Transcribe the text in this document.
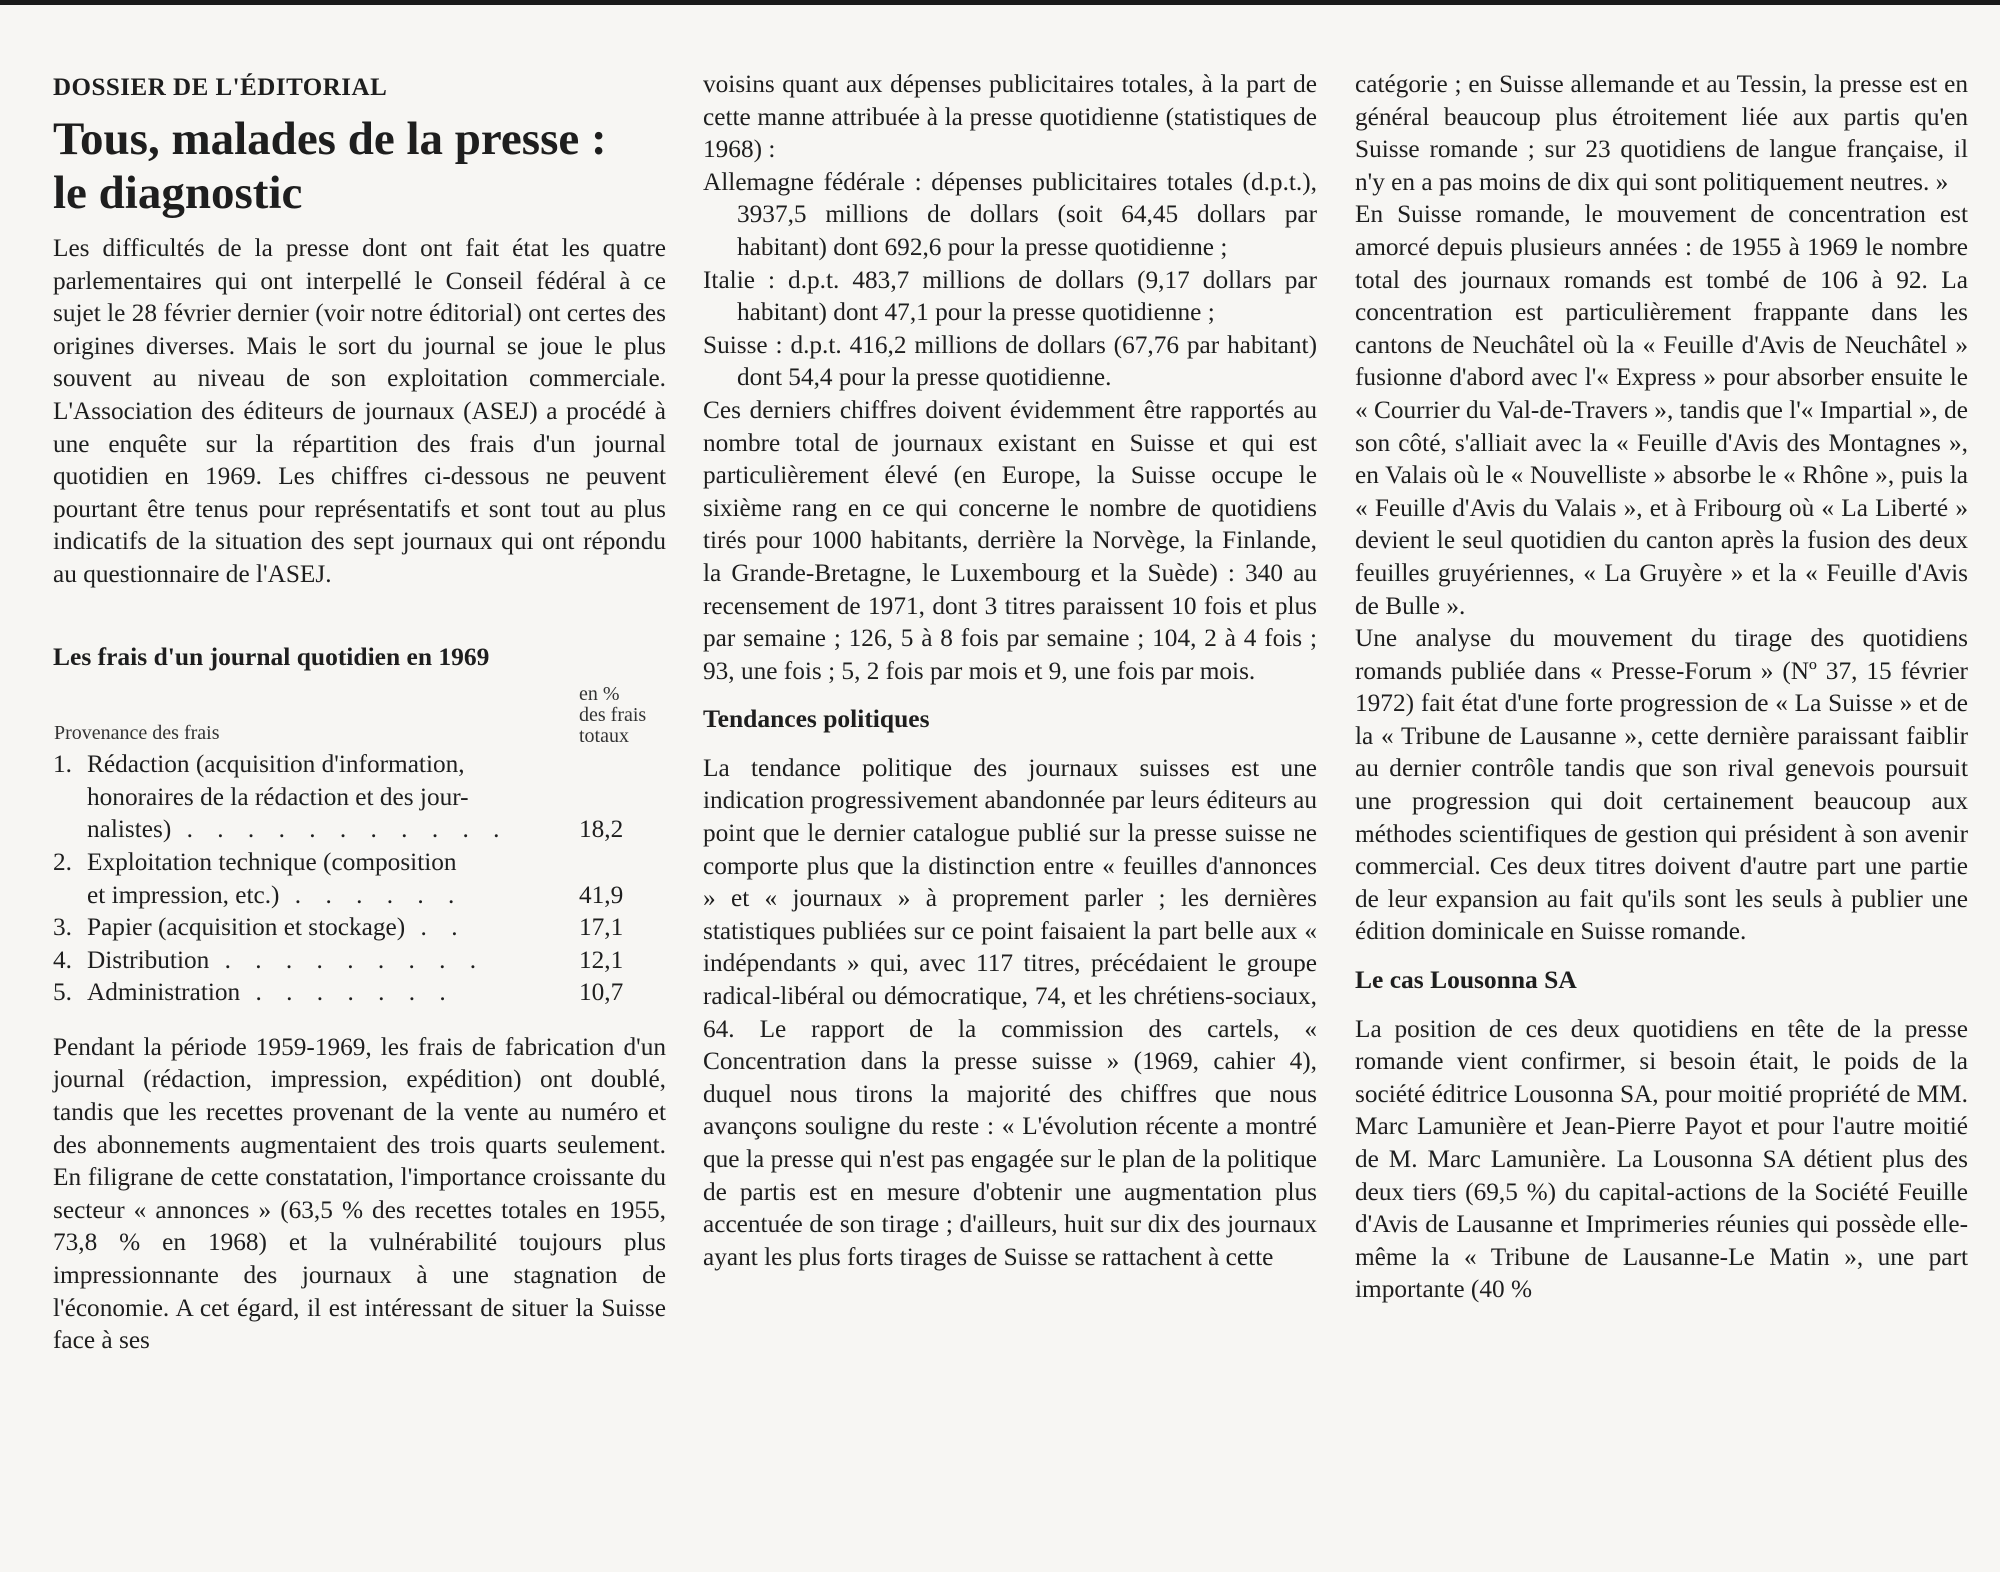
DOSSIER DE L'ÉDITORIAL
Tous, malades de la presse :
le diagnostic

Les difficultés de la presse dont ont fait état les quatre parlementaires qui ont interpellé le Conseil fédéral à ce sujet le 28 février dernier (voir notre éditorial) ont certes des origines diverses. Mais le sort du journal se joue le plus souvent au niveau de son exploitation commerciale. L'Association des éditeurs de journaux (ASEJ) a procédé à une enquête sur la répartition des frais d'un journal quotidien en 1969. Les chiffres ci-dessous ne peuvent pourtant être tenus pour représentatifs et sont tout au plus indicatifs de la situation des sept journaux qui ont répondu au questionnaire de l'ASEJ.

Les frais d'un journal quotidien en 1969
Provenance des frais		en %
des frais
totaux

1.	Rédaction (acquisition d'information,
honoraires de la rédaction et des jour-
nalistes) . . . . . . . . . . .	18,2
2.	Exploitation technique (composition
et impression, etc.) . . . . . .	41,9
3.	Papier (acquisition et stockage) . .	17,1
4.	Distribution . . . . . . . . .	12,1
5.	Administration . . . . . . .	10,7

Pendant la période 1959-1969, les frais de fabrication d'un journal (rédaction, impression, expédition) ont doublé, tandis que les recettes provenant de la vente au numéro et des abonnements augmentaient des trois quarts seulement. En filigrane de cette constatation, l'importance croissante du secteur « annonces » (63,5 % des recettes totales en 1955, 73,8 % en 1968) et la vulnérabilité toujours plus impressionnante des journaux à une stagnation de l'économie. A cet égard, il est intéressant de situer la Suisse face à ses

voisins quant aux dépenses publicitaires totales, à la part de cette manne attribuée à la presse quotidienne (statistiques de 1968) :

Allemagne fédérale : dépenses publicitaires totales (d.p.t.), 3937,5 millions de dollars (soit 64,45 dollars par habitant) dont 692,6 pour la presse quotidienne ;

Italie : d.p.t. 483,7 millions de dollars (9,17 dollars par habitant) dont 47,1 pour la presse quotidienne ;

Suisse : d.p.t. 416,2 millions de dollars (67,76 par habitant) dont 54,4 pour la presse quotidienne.

Ces derniers chiffres doivent évidemment être rapportés au nombre total de journaux existant en Suisse et qui est particulièrement élevé (en Europe, la Suisse occupe le sixième rang en ce qui concerne le nombre de quotidiens tirés pour 1000 habitants, derrière la Norvège, la Finlande, la Grande-Bretagne, le Luxembourg et la Suède) : 340 au recensement de 1971, dont 3 titres paraissent 10 fois et plus par semaine ; 126, 5 à 8 fois par semaine ; 104, 2 à 4 fois ; 93, une fois ; 5, 2 fois par mois et 9, une fois par mois.

Tendances politiques

La tendance politique des journaux suisses est une indication progressivement abandonnée par leurs éditeurs au point que le dernier catalogue publié sur la presse suisse ne comporte plus que la distinction entre « feuilles d'annonces » et « journaux » à proprement parler ; les dernières statistiques publiées sur ce point faisaient la part belle aux « indépendants » qui, avec 117 titres, précédaient le groupe radical-libéral ou démocratique, 74, et les chrétiens-sociaux, 64. Le rapport de la commission des cartels, « Concentration dans la presse suisse » (1969, cahier 4), duquel nous tirons la majorité des chiffres que nous avançons souligne du reste : « L'évolution récente a montré que la presse qui n'est pas engagée sur le plan de la politique de partis est en mesure d'obtenir une augmentation plus accentuée de son tirage ; d'ailleurs, huit sur dix des journaux ayant les plus forts tirages de Suisse se rattachent à cette

catégorie ; en Suisse allemande et au Tessin, la presse est en général beaucoup plus étroitement liée aux partis qu'en Suisse romande ; sur 23 quotidiens de langue française, il n'y en a pas moins de dix qui sont politiquement neutres. »

En Suisse romande, le mouvement de concentration est amorcé depuis plusieurs années : de 1955 à 1969 le nombre total des journaux romands est tombé de 106 à 92. La concentration est particulièrement frappante dans les cantons de Neuchâtel où la « Feuille d'Avis de Neuchâtel » fusionne d'abord avec l'« Express » pour absorber ensuite le « Courrier du Val-de-Travers », tandis que l'« Impartial », de son côté, s'alliait avec la « Feuille d'Avis des Montagnes », en Valais où le « Nouvelliste » absorbe le « Rhône », puis la « Feuille d'Avis du Valais », et à Fribourg où « La Liberté » devient le seul quotidien du canton après la fusion des deux feuilles gruyériennes, « La Gruyère » et la « Feuille d'Avis de Bulle ».

Une analyse du mouvement du tirage des quotidiens romands publiée dans « Presse-Forum » (Nº 37, 15 février 1972) fait état d'une forte progression de « La Suisse » et de la « Tribune de Lausanne », cette dernière paraissant faiblir au dernier contrôle tandis que son rival genevois poursuit une progression qui doit certainement beaucoup aux méthodes scientifiques de gestion qui président à son avenir commercial. Ces deux titres doivent d'autre part une partie de leur expansion au fait qu'ils sont les seuls à publier une édition dominicale en Suisse romande.

Le cas Lousonna SA

La position de ces deux quotidiens en tête de la presse romande vient confirmer, si besoin était, le poids de la société éditrice Lousonna SA, pour moitié propriété de MM. Marc Lamunière et Jean-Pierre Payot et pour l'autre moitié de M. Marc Lamunière. La Lousonna SA détient plus des deux tiers (69,5 %) du capital-actions de la Société Feuille d'Avis de Lausanne et Imprimeries réunies qui possède elle-même la « Tribune de Lausanne-Le Matin », une part importante (40 %
